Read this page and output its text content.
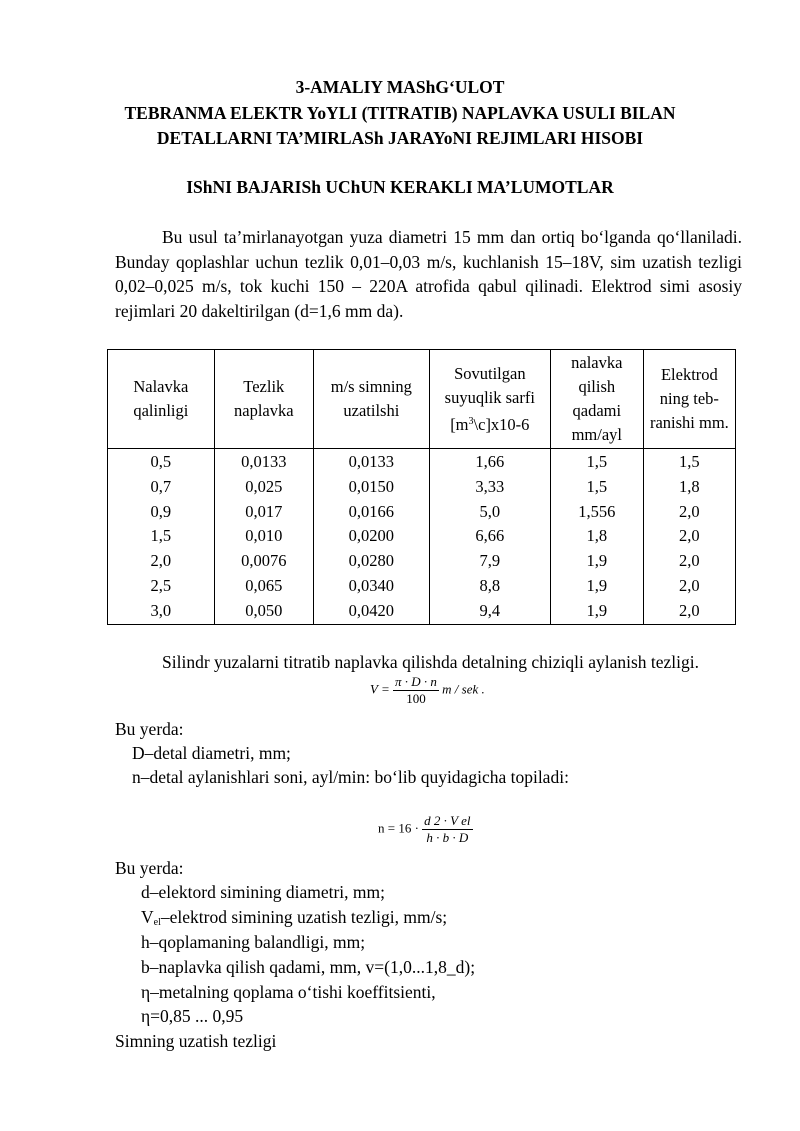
3-AMALIY MAShG‘ULOT
TEBRANMA ELEKTR YoYLI (TITRATIB) NAPLAVKA USULI BILAN
DETALLARNI TA’MIRLASh JARAYoNI REJIMLARI HISOBI
IShNI BAJARISh UChUN KERAKLI MA’LUMOTLAR
Bu usul ta’mirlanayotgan yuza diametri 15 mm dan ortiq bo‘lganda qo‘llaniladi. Bunday qoplashlar uchun tezlik 0,01–0,03 m/s, kuchlanish 15–18V, sim uzatish tezligi 0,02–0,025 m/s, tok kuchi 150 – 220A atrofida qabul qilinadi. Elektrod simi asosiy rejimlari 20 dakeltirilgan (d=1,6 mm da).
Nalavka qalinligi	Tezlik naplavka	m/s simning uzatilshi	Sovutilgan suyuqlik sarfi $[m^3\backslash c]x10-6$	nalavka qilish qadami mm/ayl	Elektrod ning teb-ranishi mm.
0,5	0,0133	0,0133	1,66	1,5	1,5
0,7	0,025	0,0150	3,33	1,5	1,8
0,9	0,017	0,0166	5,0	1,556	2,0
1,5	0,010	0,0200	6,66	1,8	2,0
2,0	0,0076	0,0280	7,9	1,9	2,0
2,5	0,065	0,0340	8,8	1,9	2,0
3,0	0,050	0,0420	9,4	1,9	2,0
Silindr yuzalarni titratib naplavka qilishda detalning chiziqli aylanish tezligi.
$V = \frac{\pi \cdot D \cdot n}{100}$ m / sek .
Bu yerda:
D–detal diametri, mm;
n–detal aylanishlari soni, ayl/min: bo‘lib quyidagicha topiladi:
$n = 16 \cdot \frac{\text{d 2 · V el}}{h \cdot b \cdot D}$
Bu yerda:
d–elektord simining diametri, mm;
$V_{el}$–elektrod simining uzatish tezligi, mm/s;
h–qoplamaning balandligi, mm;
b–naplavka qilish qadami, mm, v=(1,0...1,8_d);
η–metalning qoplama o‘tishi koeffitsienti,
η=0,85 ... 0,95
Simning uzatish tezligi
